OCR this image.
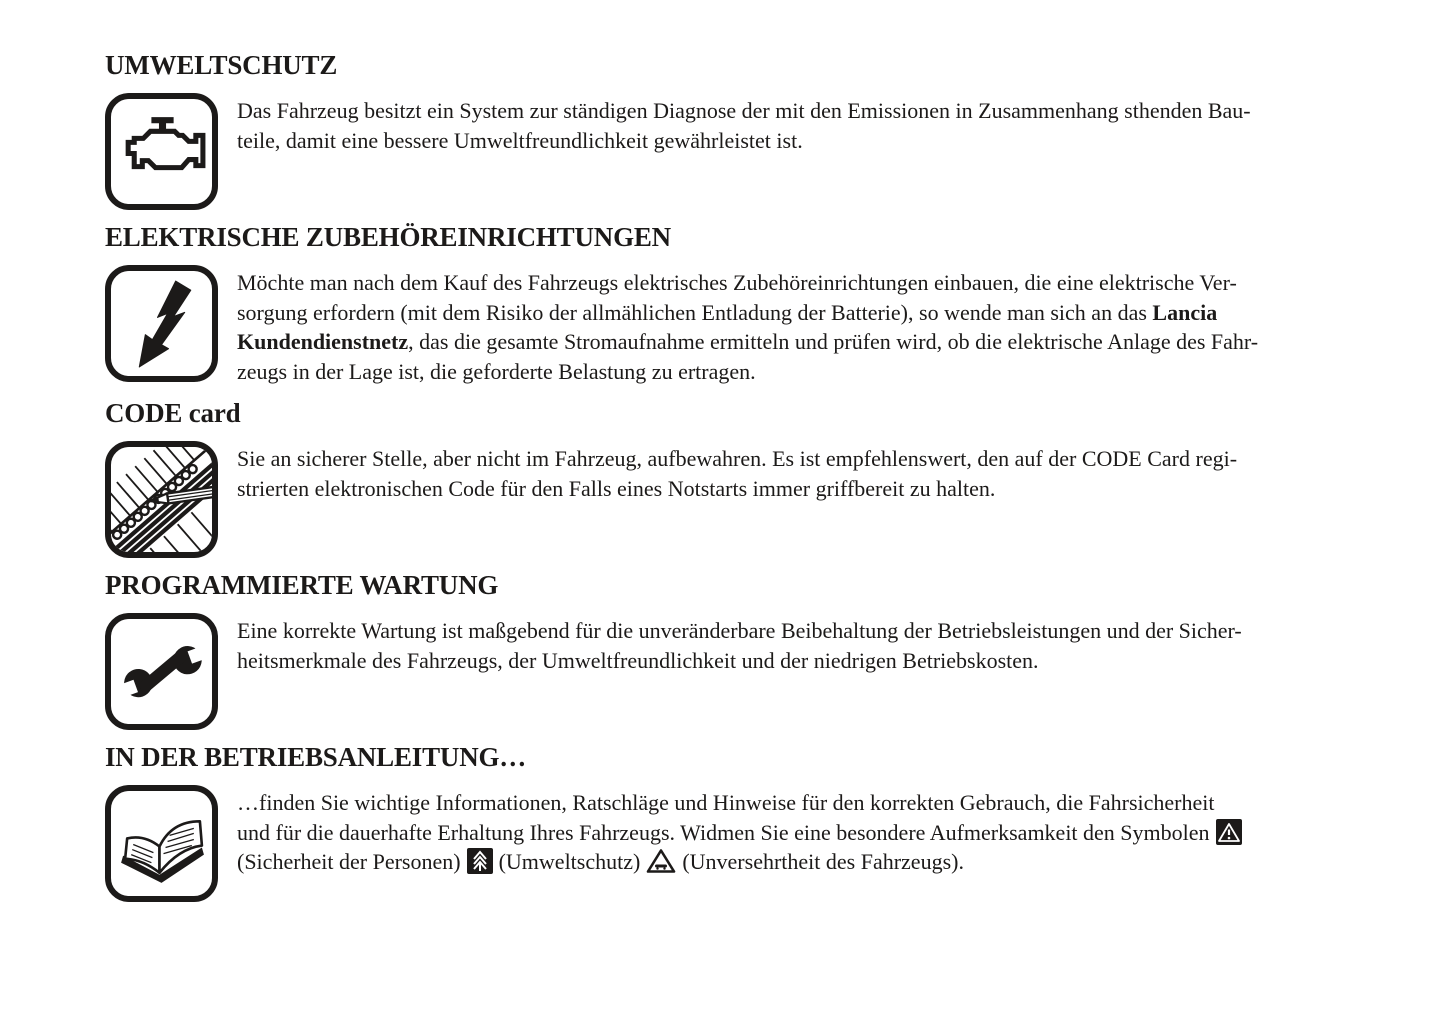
UMWELTSCHUTZ

Das Fahrzeug besitzt ein System zur ständigen Diagnose der mit den Emissionen in Zusammenhang sthenden Bau-
teile, damit eine bessere Umweltfreundlichkeit gewährleistet ist.

ELEKTRISCHE ZUBEHÖREINRICHTUNGEN

Möchte man nach dem Kauf des Fahrzeugs elektrisches Zubehöreinrichtungen einbauen, die eine elektrische Ver-
sorgung erfordern (mit dem Risiko der allmählichen Entladung der Batterie), so wende man sich an das Lancia
Kundendienstnetz, das die gesamte Stromaufnahme ermitteln und prüfen wird, ob die elektrische Anlage des Fahr-
zeugs in der Lage ist, die geforderte Belastung zu ertragen.

CODE card

Sie an sicherer Stelle, aber nicht im Fahrzeug, aufbewahren. Es ist empfehlenswert, den auf der CODE Card regi-
strierten elektronischen Code für den Falls eines Notstarts immer griffbereit zu halten.

PROGRAMMIERTE WARTUNG

Eine korrekte Wartung ist maßgebend für die unveränderbare Beibehaltung der Betriebsleistungen und der Sicher-
heitsmerkmale des Fahrzeugs, der Umweltfreundlichkeit und der niedrigen Betriebskosten.

IN DER BETRIEBSANLEITUNG…

…finden Sie wichtige Informationen, Ratschläge und Hinweise für den korrekten Gebrauch, die Fahrsicherheit
und für die dauerhafte Erhaltung Ihres Fahrzeugs. Widmen Sie eine besondere Aufmerksamkeit den Symbolen

(Sicherheit der Personen) (Umweltschutz) (Unversehrtheit des Fahrzeugs).
